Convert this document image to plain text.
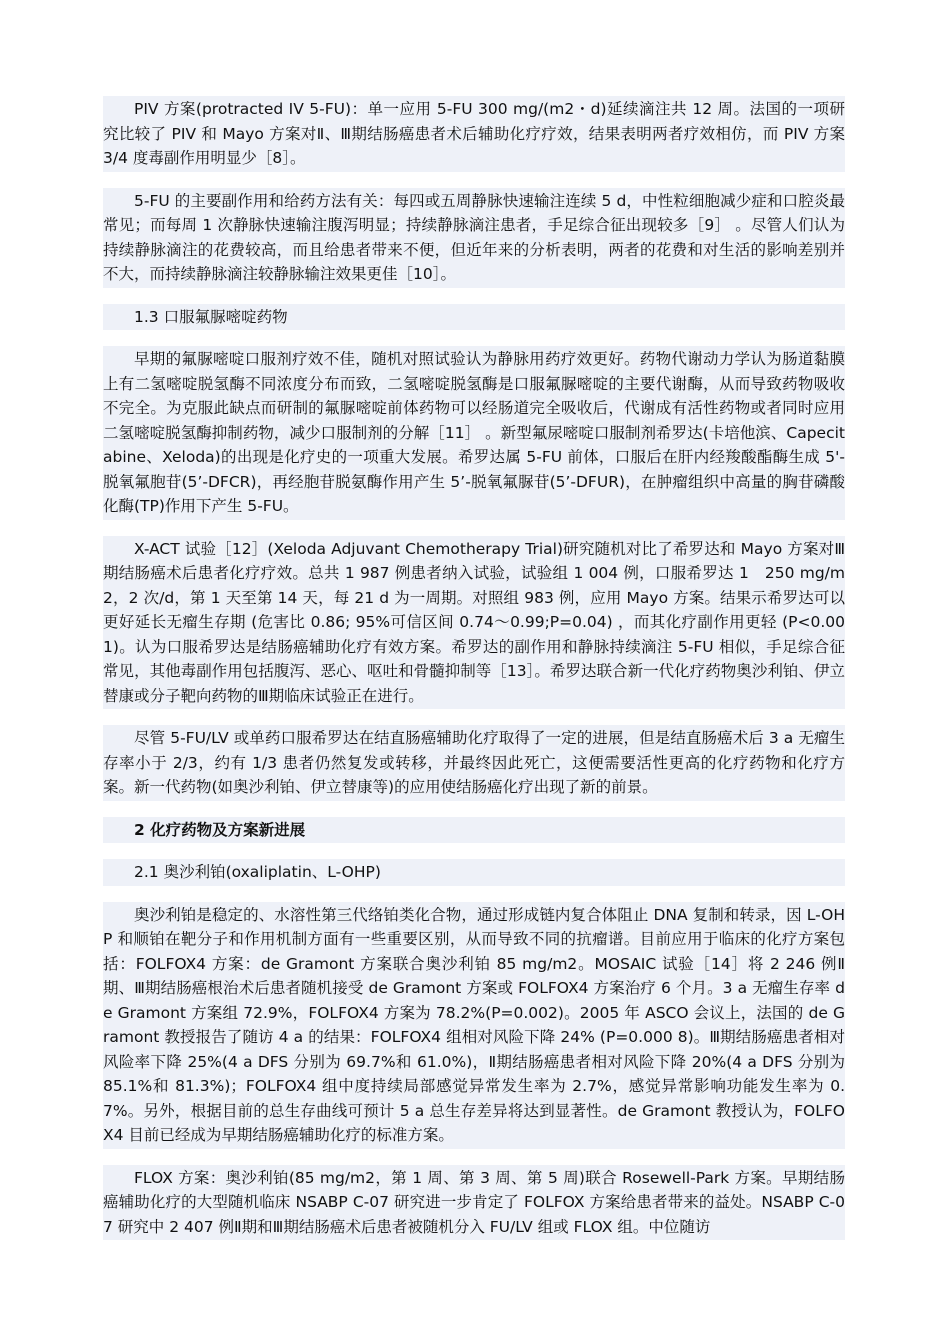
PIV 方案(protracted IV 5-FU)：单一应用 5-FU 300 mg/(m2・d)延续滴注共 12 周。法国的一项研究比较了 PIV 和 Mayo 方案对Ⅱ、Ⅲ期结肠癌患者术后辅助化疗疗效，结果表明两者疗效相仿，而 PIV 方案 3/4 度毒副作用明显少［8］。

5-FU 的主要副作用和给药方法有关：每四或五周静脉快速输注连续 5 d，中性粒细胞减少症和口腔炎最常见；而每周 1 次静脉快速输注腹泻明显；持续静脉滴注患者，手足综合征出现较多［9］ 。尽管人们认为持续静脉滴注的花费较高，而且给患者带来不便，但近年来的分析表明，两者的花费和对生活的影响差别并不大，而持续静脉滴注较静脉输注效果更佳［10］。

1.3 口服氟脲嘧啶药物

早期的氟脲嘧啶口服剂疗效不佳，随机对照试验认为静脉用药疗效更好。药物代谢动力学认为肠道黏膜上有二氢嘧啶脱氢酶不同浓度分布而致，二氢嘧啶脱氢酶是口服氟脲嘧啶的主要代谢酶，从而导致药物吸收不完全。为克服此缺点而研制的氟脲嘧啶前体药物可以经肠道完全吸收后，代谢成有活性药物或者同时应用二氢嘧啶脱氢酶抑制药物，减少口服制剂的分解［11］ 。新型氟尿嘧啶口服制剂希罗达(卡培他滨、Capecitabine、Xeloda)的出现是化疗史的一项重大发展。希罗达属 5-FU 前体，口服后在肝内经羧酸酯酶生成 5'-脱氧氟胞苷(5’-DFCR)，再经胞苷脱氨酶作用产生 5’-脱氧氟脲苷(5’-DFUR)，在肿瘤组织中高量的胸苷磷酸化酶(TP)作用下产生 5-FU。

X-ACT 试验［12］(Xeloda Adjuvant Chemotherapy Trial)研究随机对比了希罗达和 Mayo 方案对Ⅲ期结肠癌术后患者化疗疗效。总共 1 987 例患者纳入试验，试验组 1 004 例，口服希罗达 1　250 mg/m2，2 次/d，第 1 天至第 14 天，每 21 d 为一周期。对照组 983 例，应用 Mayo 方案。结果示希罗达可以更好延长无瘤生存期 (危害比 0.86; 95%可信区间 0.74～0.99;P=0.04) ，而其化疗副作用更轻 (P<0.001)。认为口服希罗达是结肠癌辅助化疗有效方案。希罗达的副作用和静脉持续滴注 5-FU 相似，手足综合征常见，其他毒副作用包括腹泻、恶心、呕吐和骨髓抑制等［13］。希罗达联合新一代化疗药物奥沙利铂、伊立替康或分子靶向药物的Ⅲ期临床试验正在进行。

尽管 5-FU/LV 或单药口服希罗达在结直肠癌辅助化疗取得了一定的进展，但是结直肠癌术后 3 a 无瘤生存率小于 2/3，约有 1/3 患者仍然复发或转移，并最终因此死亡，这便需要活性更高的化疗药物和化疗方案。新一代药物(如奥沙利铂、伊立替康等)的应用使结肠癌化疗出现了新的前景。

2 化疗药物及方案新进展

2.1 奥沙利铂(oxaliplatin、L-OHP)

奥沙利铂是稳定的、水溶性第三代络铂类化合物，通过形成链内复合体阻止 DNA 复制和转录，因 L-OHP 和顺铂在靶分子和作用机制方面有一些重要区别，从而导致不同的抗瘤谱。目前应用于临床的化疗方案包括：FOLFOX4 方案：de Gramont 方案联合奥沙利铂 85 mg/m2。MOSAIC 试验［14］将 2 246 例Ⅱ期、Ⅲ期结肠癌根治术后患者随机接受 de Gramont 方案或 FOLFOX4 方案治疗 6 个月。3 a 无瘤生存率 de Gramont 方案组 72.9%，FOLFOX4 方案为 78.2%(P=0.002)。2005 年 ASCO 会议上，法国的 de Gramont 教授报告了随访 4 a 的结果：FOLFOX4 组相对风险下降 24% (P=0.000 8)。Ⅲ期结肠癌患者相对风险率下降 25%(4 a DFS 分别为 69.7%和 61.0%)，Ⅱ期结肠癌患者相对风险下降 20%(4 a DFS 分别为 85.1%和 81.3%)；FOLFOX4 组中度持续局部感觉异常发生率为 2.7%，感觉异常影响功能发生率为 0.7%。另外，根据目前的总生存曲线可预计 5 a 总生存差异将达到显著性。de Gramont 教授认为，FOLFOX4 目前已经成为早期结肠癌辅助化疗的标准方案。

FLOX 方案：奥沙利铂(85 mg/m2，第 1 周、第 3 周、第 5 周)联合 Rosewell-Park 方案。早期结肠癌辅助化疗的大型随机临床 NSABP C-07 研究进一步肯定了 FOLFOX 方案给患者带来的益处。NSABP C-07 研究中 2 407 例Ⅱ期和Ⅲ期结肠癌术后患者被随机分入 FU/LV 组或 FLOX 组。中位随访
